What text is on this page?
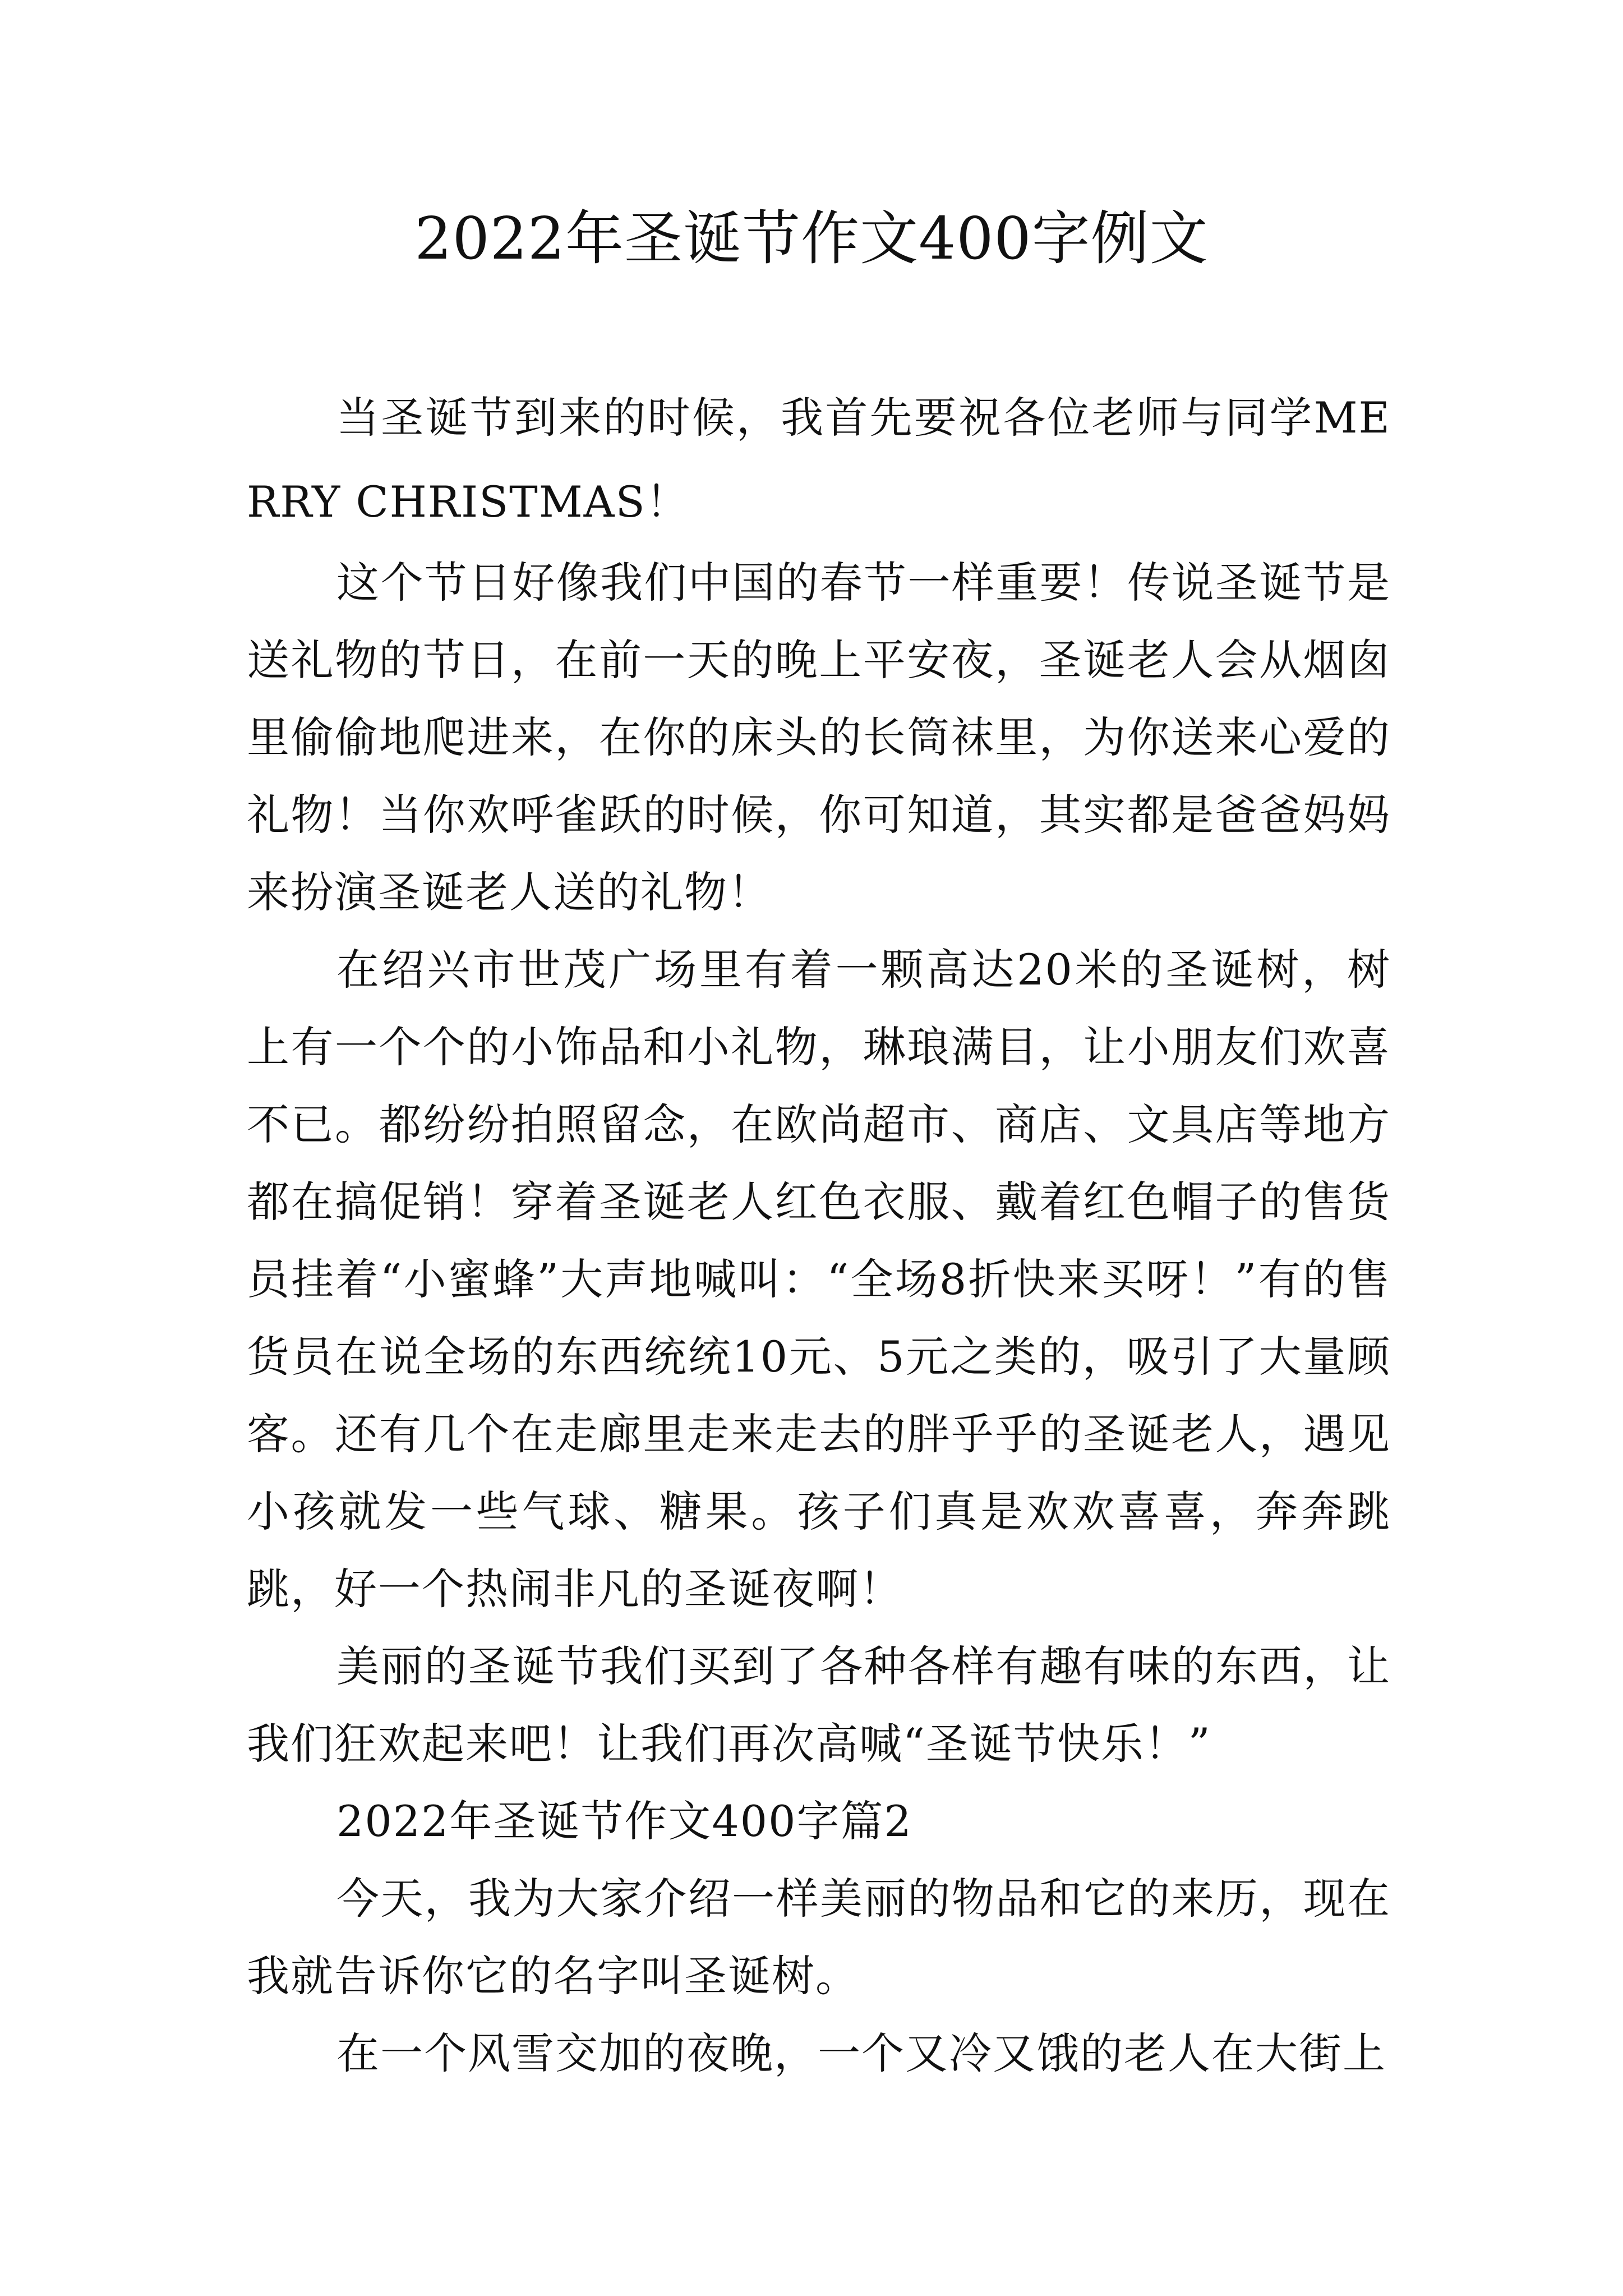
2022年圣诞节作文400字例文

当圣诞节到来的时候，我首先要祝各位老师与同学MERRY CHRISTMAS！

这个节日好像我们中国的春节一样重要！传说圣诞节是送礼物的节日，在前一天的晚上平安夜，圣诞老人会从烟囱里偷偷地爬进来，在你的床头的长筒袜里，为你送来心爱的礼物！当你欢呼雀跃的时候，你可知道，其实都是爸爸妈妈来扮演圣诞老人送的礼物！

在绍兴市世茂广场里有着一颗高达20米的圣诞树，树上有一个个的小饰品和小礼物，琳琅满目，让小朋友们欢喜不已。都纷纷拍照留念，在欧尚超市、商店、文具店等地方都在搞促销！穿着圣诞老人红色衣服、戴着红色帽子的售货员挂着“小蜜蜂”大声地喊叫：“全场8折快来买呀！”有的售货员在说全场的东西统统10元、5元之类的，吸引了大量顾客。还有几个在走廊里走来走去的胖乎乎的圣诞老人，遇见小孩就发一些气球、糖果。孩子们真是欢欢喜喜，奔奔跳跳，好一个热闹非凡的圣诞夜啊！

美丽的圣诞节我们买到了各种各样有趣有味的东西，让我们狂欢起来吧！让我们再次高喊“圣诞节快乐！”

2022年圣诞节作文400字篇2

今天，我为大家介绍一样美丽的物品和它的来历，现在我就告诉你它的名字叫圣诞树。

在一个风雪交加的夜晚，一个又冷又饿的老人在大街上
